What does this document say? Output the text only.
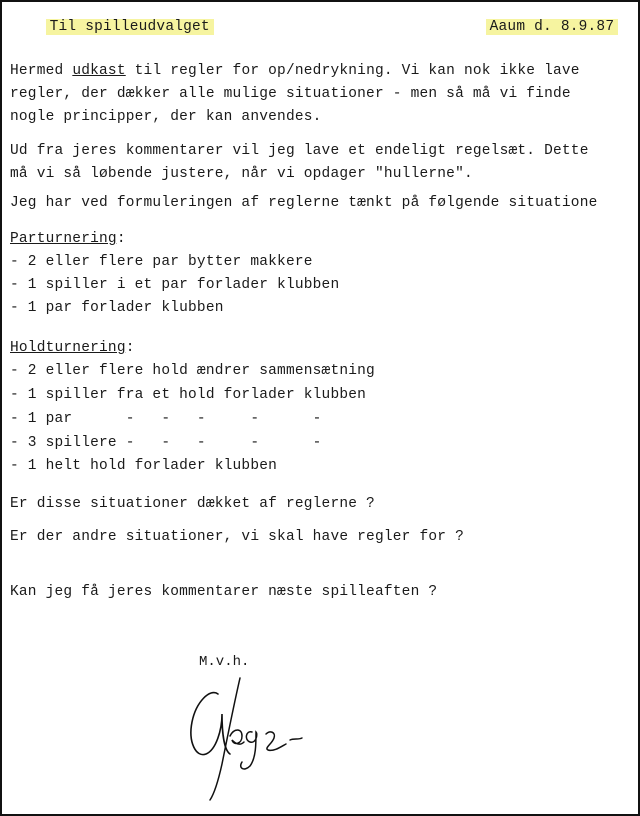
Til spilleudvalget
	Aaum d. 8.9.87

Hermed udkast til regler for op/nedrykning. Vi kan nok ikke lave
regler, der dækker alle mulige situationer - men så må vi finde
nogle principper, der kan anvendes.
Ud fra jeres kommentarer vil jeg lave et endeligt regelsæt. Dette
må vi så løbende justere, når vi opdager "hullerne".
Jeg har ved formuleringen af reglerne tænkt på følgende situatione
Parturnering:
- 2 eller flere par bytter makkere
- 1 spiller i et par forlader klubben
- 1 par forlader klubben
Holdturnering:
- 2 eller flere hold ændrer sammensætning
- 1 spiller fra et hold forlader klubben
- 1 par      -   -   -     -      -
- 3 spillere -   -   -     -      -
- 1 helt hold forlader klubben
Er disse situationer dækket af reglerne ?
Er der andre situationer, vi skal have regler for ?
Kan jeg få jeres kommentarer næste spilleaften ?
M.v.h.
